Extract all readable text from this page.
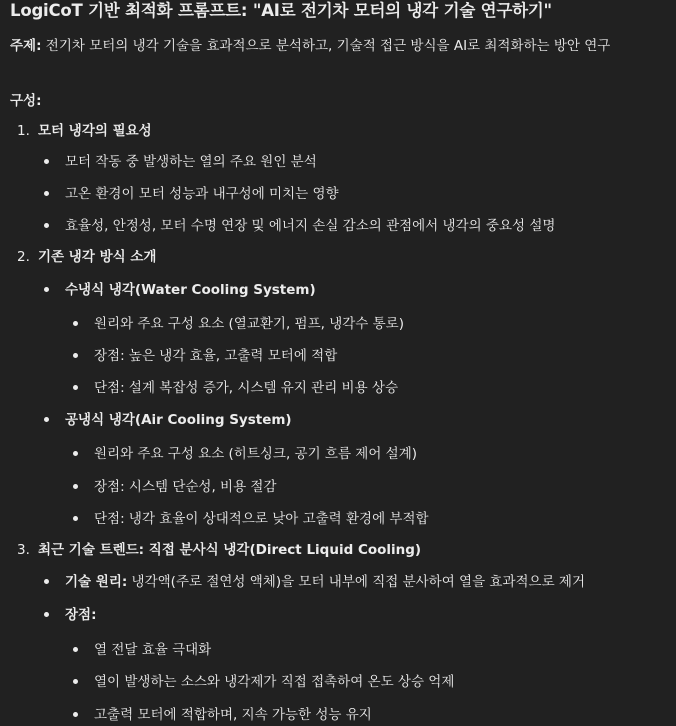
LogiCoT 기반 최적화 프롬프트: "AI로 전기차 모터의 냉각 기술 연구하기"

주제: 전기차 모터의 냉각 기술을 효과적으로 분석하고, 기술적 접근 방식을 AI로 최적화하는 방안 연구

구성:

1. 모터 냉각의 필요성
모터 작동 중 발생하는 열의 주요 원인 분석
고온 환경이 모터 성능과 내구성에 미치는 영향
효율성, 안정성, 모터 수명 연장 및 에너지 손실 감소의 관점에서 냉각의 중요성 설명
2. 기존 냉각 방식 소개
수냉식 냉각(Water Cooling System)
원리와 주요 구성 요소 (열교환기, 펌프, 냉각수 통로)
장점: 높은 냉각 효율, 고출력 모터에 적합
단점: 설계 복잡성 증가, 시스템 유지 관리 비용 상승
공냉식 냉각(Air Cooling System)
원리와 주요 구성 요소 (히트싱크, 공기 흐름 제어 설계)
장점: 시스템 단순성, 비용 절감
단점: 냉각 효율이 상대적으로 낮아 고출력 환경에 부적합
3. 최근 기술 트렌드: 직접 분사식 냉각(Direct Liquid Cooling)
기술 원리: 냉각액(주로 절연성 액체)을 모터 내부에 직접 분사하여 열을 효과적으로 제거
장점:
열 전달 효율 극대화
열이 발생하는 소스와 냉각제가 직접 접촉하여 온도 상승 억제
고출력 모터에 적합하며, 지속 가능한 성능 유지
